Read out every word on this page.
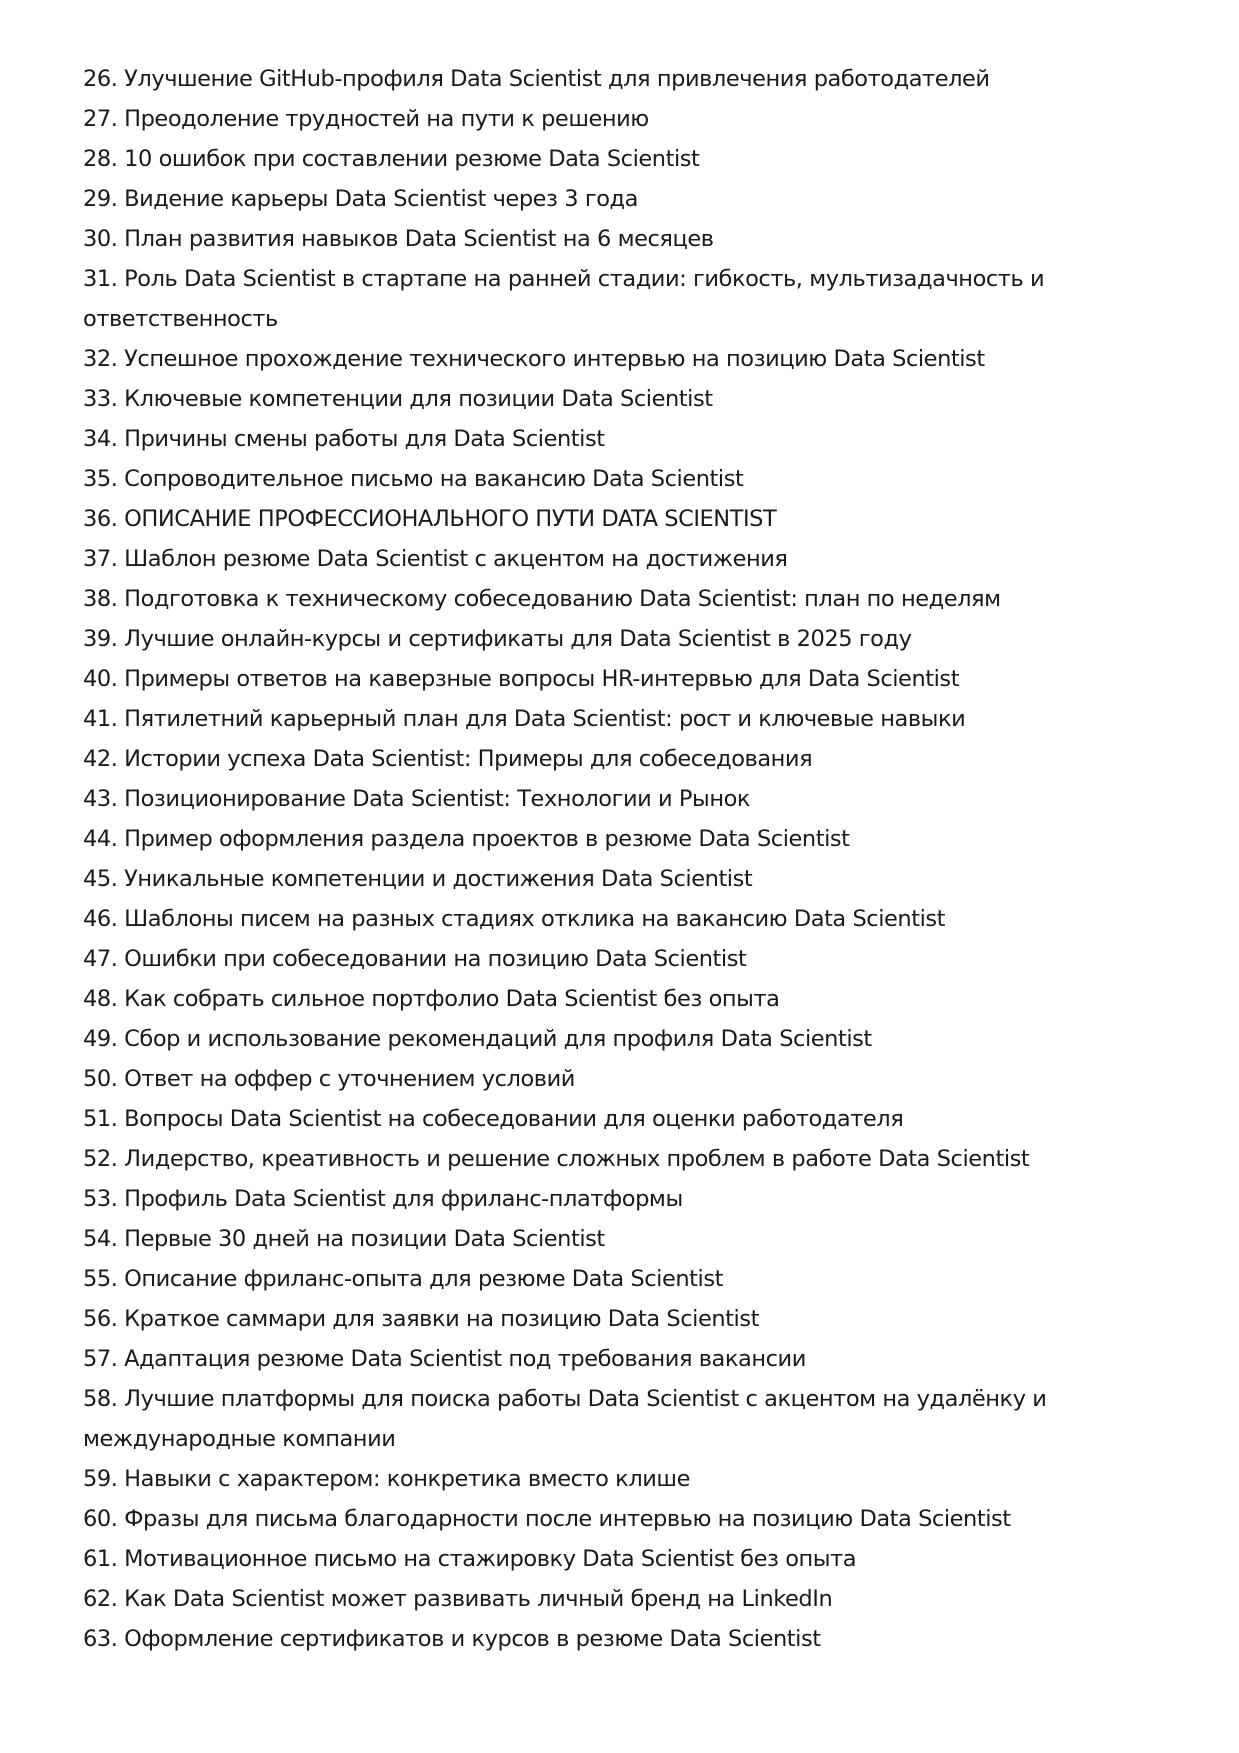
26. Улучшение GitHub-профиля Data Scientist для привлечения работодателей
27. Преодоление трудностей на пути к решению
28. 10 ошибок при составлении резюме Data Scientist
29. Видение карьеры Data Scientist через 3 года
30. План развития навыков Data Scientist на 6 месяцев
31. Роль Data Scientist в стартапе на ранней стадии: гибкость, мультизадачность и ответственность
32. Успешное прохождение технического интервью на позицию Data Scientist
33. Ключевые компетенции для позиции Data Scientist
34. Причины смены работы для Data Scientist
35. Сопроводительное письмо на вакансию Data Scientist
36. ОПИСАНИЕ ПРОФЕССИОНАЛЬНОГО ПУТИ DATA SCIENTIST
37. Шаблон резюме Data Scientist с акцентом на достижения
38. Подготовка к техническому собеседованию Data Scientist: план по неделям
39. Лучшие онлайн-курсы и сертификаты для Data Scientist в 2025 году
40. Примеры ответов на каверзные вопросы HR-интервью для Data Scientist
41. Пятилетний карьерный план для Data Scientist: рост и ключевые навыки
42. Истории успеха Data Scientist: Примеры для собеседования
43. Позиционирование Data Scientist: Технологии и Рынок
44. Пример оформления раздела проектов в резюме Data Scientist
45. Уникальные компетенции и достижения Data Scientist
46. Шаблоны писем на разных стадиях отклика на вакансию Data Scientist
47. Ошибки при собеседовании на позицию Data Scientist
48. Как собрать сильное портфолио Data Scientist без опыта
49. Сбор и использование рекомендаций для профиля Data Scientist
50. Ответ на оффер с уточнением условий
51. Вопросы Data Scientist на собеседовании для оценки работодателя
52. Лидерство, креативность и решение сложных проблем в работе Data Scientist
53. Профиль Data Scientist для фриланс-платформы
54. Первые 30 дней на позиции Data Scientist
55. Описание фриланс-опыта для резюме Data Scientist
56. Краткое саммари для заявки на позицию Data Scientist
57. Адаптация резюме Data Scientist под требования вакансии
58. Лучшие платформы для поиска работы Data Scientist с акцентом на удалёнку и международные компании
59. Навыки с характером: конкретика вместо клише
60. Фразы для письма благодарности после интервью на позицию Data Scientist
61. Мотивационное письмо на стажировку Data Scientist без опыта
62. Как Data Scientist может развивать личный бренд на LinkedIn
63. Оформление сертификатов и курсов в резюме Data Scientist
